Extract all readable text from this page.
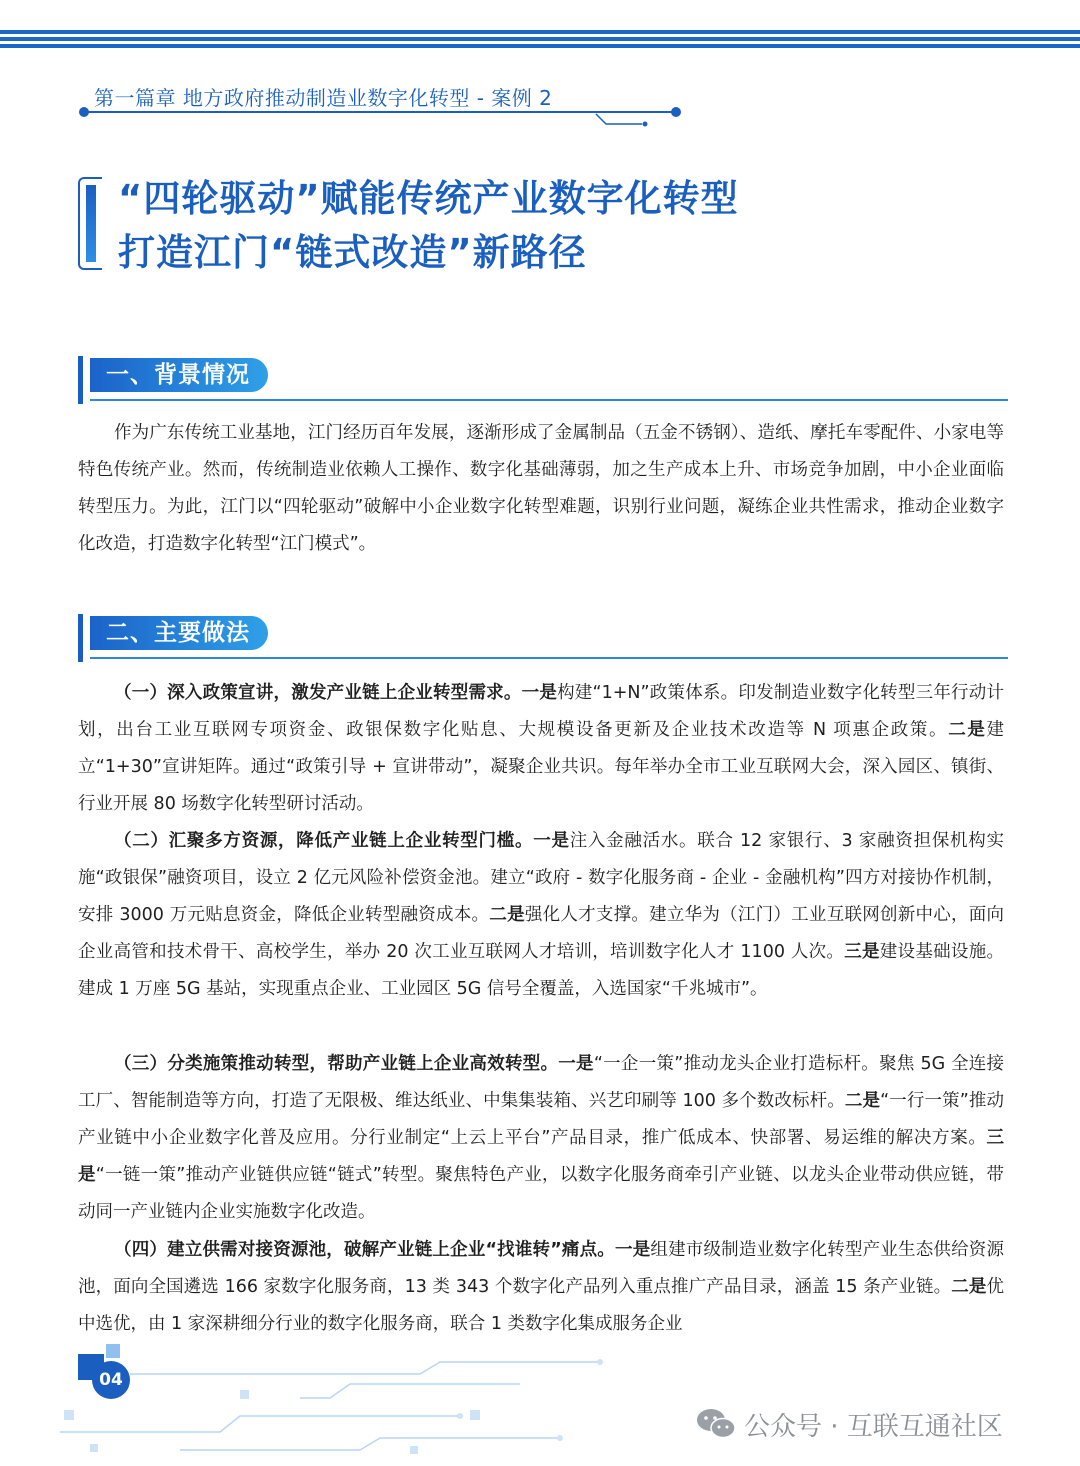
第一篇章 地方政府推动制造业数字化转型 - 案例 2
“四轮驱动”赋能传统产业数字化转型
打造江门“链式改造”新路径
一、背景情况

作为广东传统工业基地，江门经历百年发展，逐渐形成了金属制品（五金不锈钢）、造纸、摩托车零配件、小家电等特色传统产业。然而，传统制造业依赖人工操作、数字化基础薄弱，加之生产成本上升、市场竞争加剧，中小企业面临转型压力。为此，江门以“四轮驱动”破解中小企业数字化转型难题，识别行业问题，凝练企业共性需求，推动企业数字化改造，打造数字化转型“江门模式”。

二、主要做法

（一）深入政策宣讲，激发产业链上企业转型需求。一是构建“1+N”政策体系。印发制造业数字化转型三年行动计划，出台工业互联网专项资金、政银保数字化贴息、大规模设备更新及企业技术改造等 N 项惠企政策。二是建立“1+30”宣讲矩阵。通过“政策引导 + 宣讲带动”，凝聚企业共识。每年举办全市工业互联网大会，深入园区、镇街、行业开展 80 场数字化转型研讨活动。

（二）汇聚多方资源，降低产业链上企业转型门槛。一是注入金融活水。联合 12 家银行、3 家融资担保机构实施“政银保”融资项目，设立 2 亿元风险补偿资金池。建立“政府 - 数字化服务商 - 企业 - 金融机构”四方对接协作机制，安排 3000 万元贴息资金，降低企业转型融资成本。二是强化人才支撑。建立华为（江门）工业互联网创新中心，面向企业高管和技术骨干、高校学生，举办 20 次工业互联网人才培训，培训数字化人才 1100 人次。三是建设基础设施。建成 1 万座 5G 基站，实现重点企业、工业园区 5G 信号全覆盖，入选国家“千兆城市”。

（三）分类施策推动转型，帮助产业链上企业高效转型。一是“一企一策”推动龙头企业打造标杆。聚焦 5G 全连接工厂、智能制造等方向，打造了无限极、维达纸业、中集集装箱、兴艺印刷等 100 多个数改标杆。二是“一行一策”推动产业链中小企业数字化普及应用。分行业制定“上云上平台”产品目录，推广低成本、快部署、易运维的解决方案。三是“一链一策”推动产业链供应链“链式”转型。聚焦特色产业，以数字化服务商牵引产业链、以龙头企业带动供应链，带动同一产业链内企业实施数字化改造。

（四）建立供需对接资源池，破解产业链上企业“找谁转”痛点。一是组建市级制造业数字化转型产业生态供给资源池，面向全国遴选 166 家数字化服务商，13 类 343 个数字化产品列入重点推广产品目录，涵盖 15 条产业链。二是优中选优，由 1 家深耕细分行业的数字化服务商，联合 1 类数字化集成服务企业

04
公众号 · 互联互通社区
